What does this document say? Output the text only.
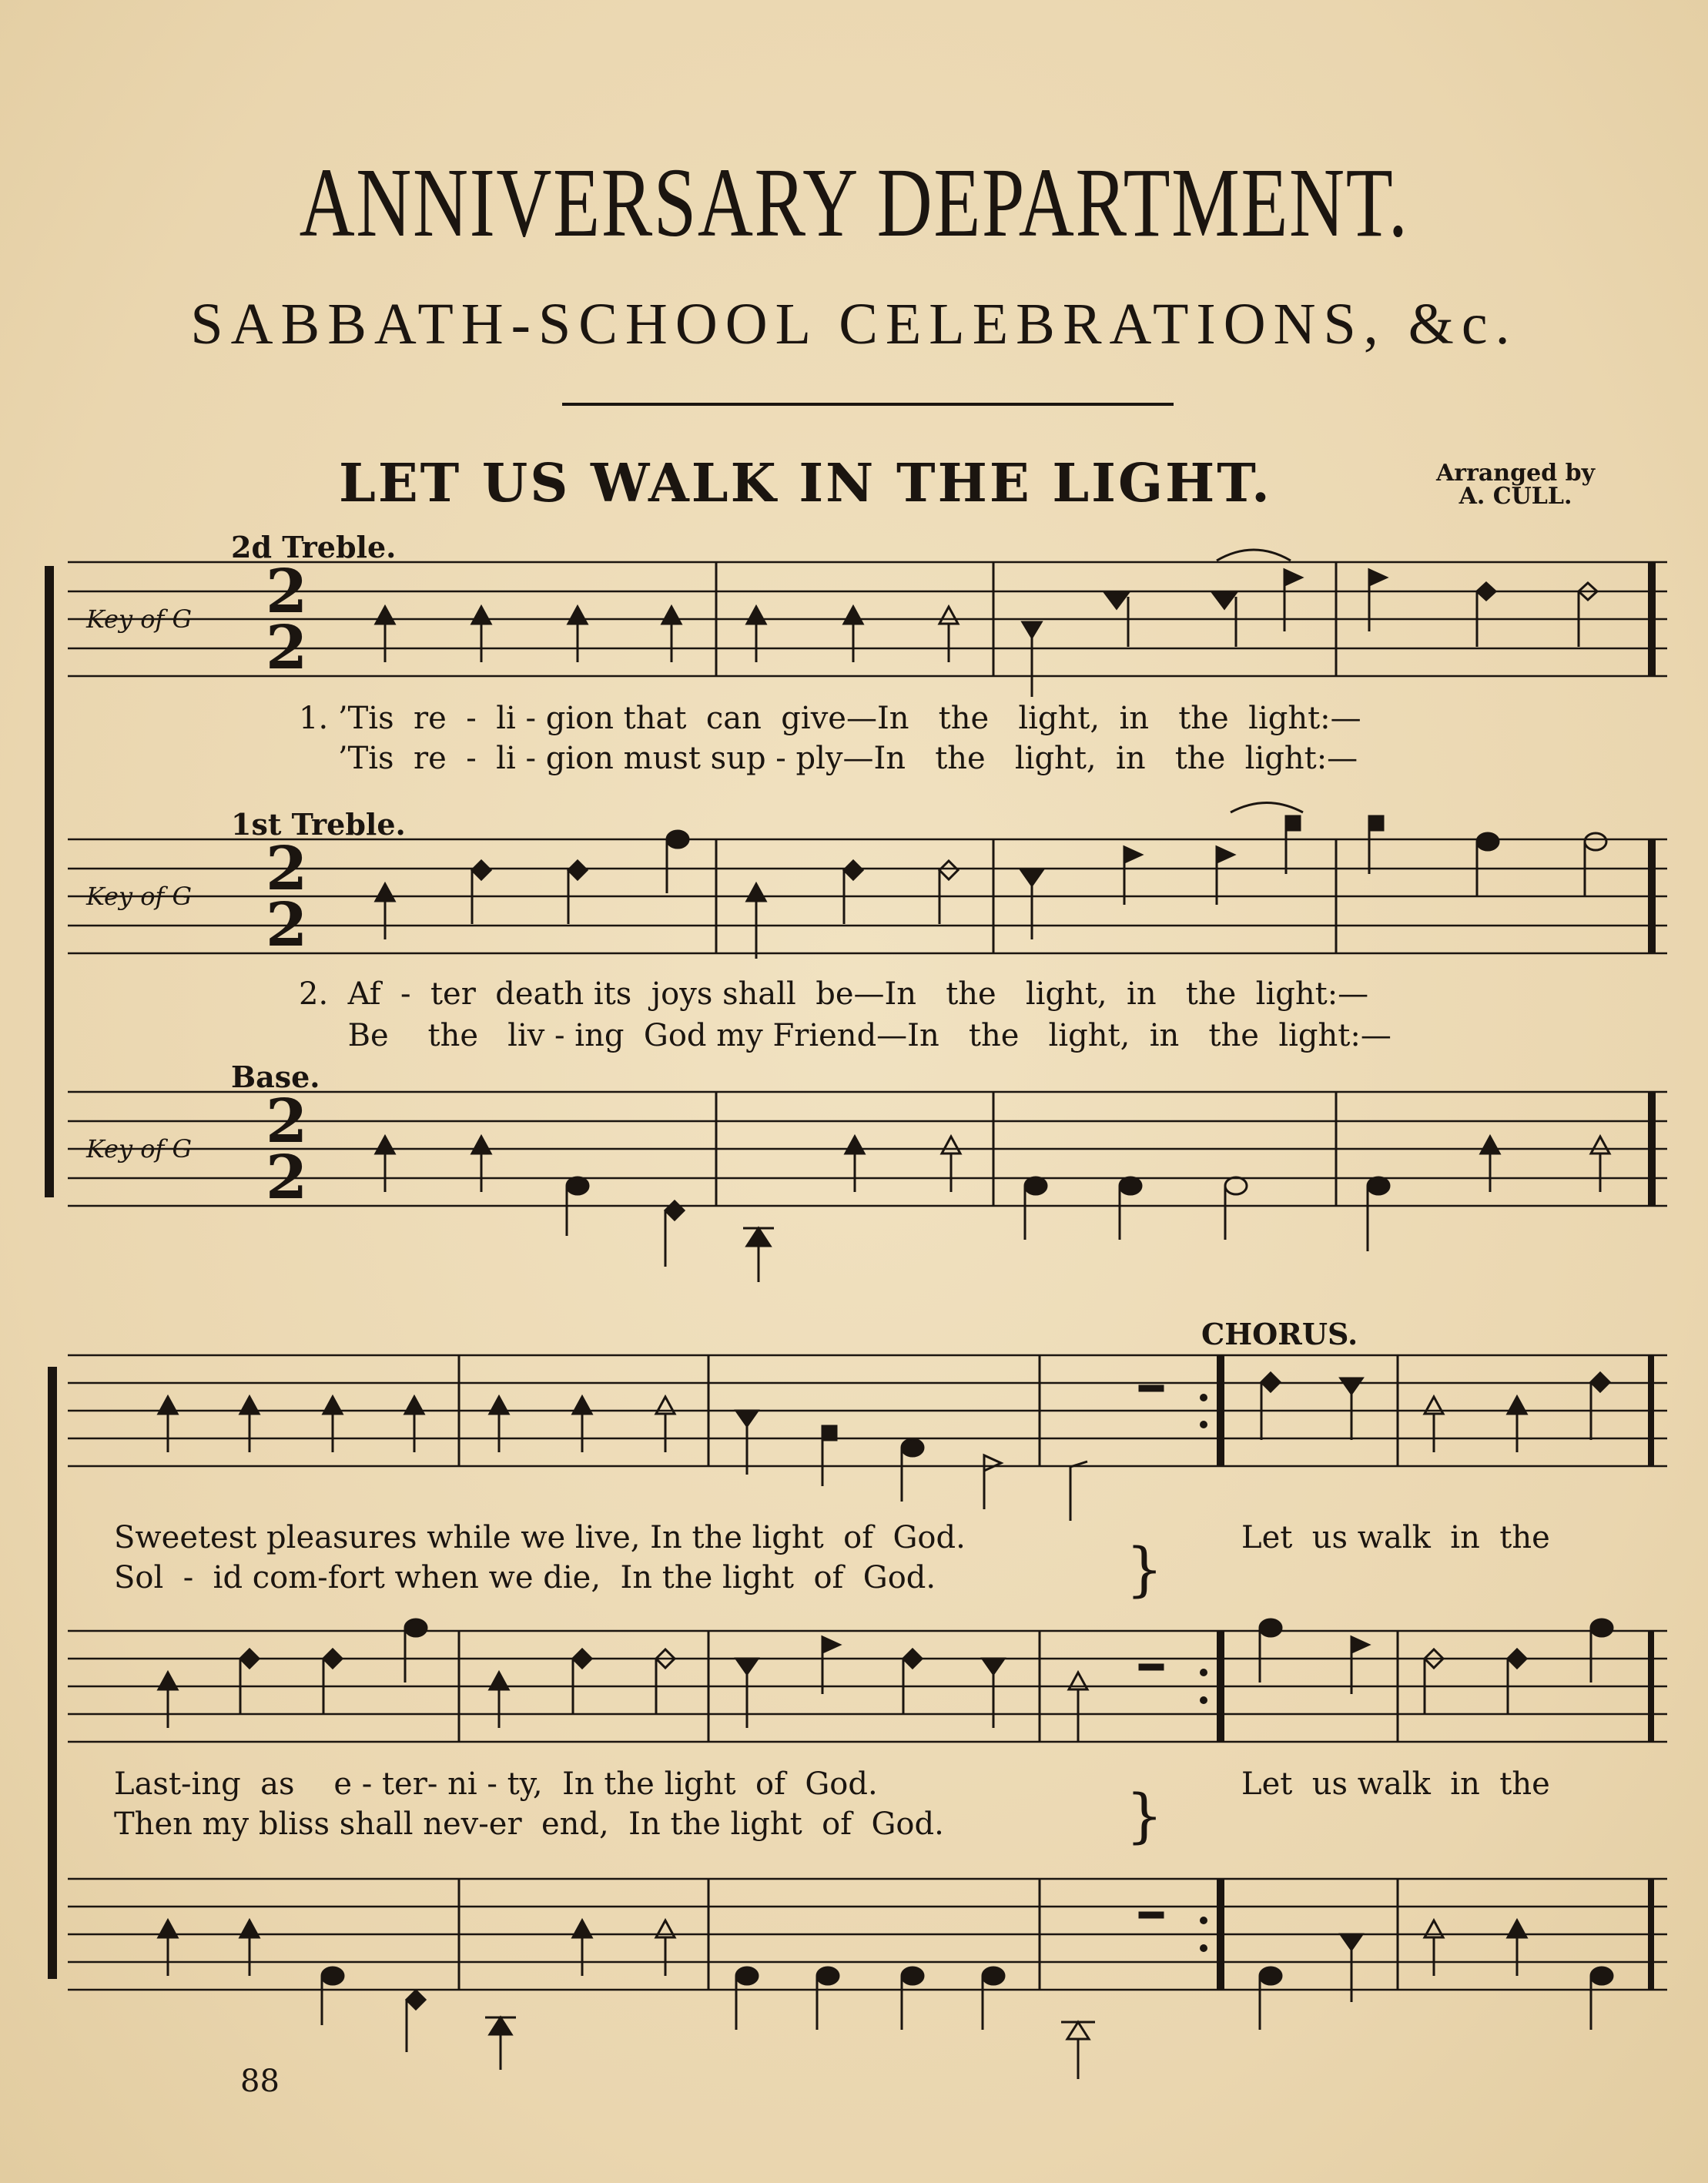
ANNIVERSARY DEPARTMENT.
SABBATH-SCHOOL CELEBRATIONS, &c.
LET US WALK IN THE LIGHT.	Arranged by
A. CULL.
2d Treble.
1st Treble.
Base.
1. ’Tis  re  -  li - gion that  can  give—In   the   light,  in   the  light:—
’Tis  re  -  li - gion must sup - ply—In   the   light,  in   the  light:—
2.  Af  -  ter  death its  joys shall  be—In   the   light,  in   the  light:—
Be    the   liv - ing  God my Friend—In   the   light,  in   the  light:—
CHORUS.
Sweetest pleasures while we live, In the light  of  God.
Sol  -  id com-fort when we die,  In the light  of  God.
Let  us walk  in  the
Last-ing  as    e - ter- ni - ty,  In the light  of  God.
Then my bliss shall nev-er  end,  In the light  of  God.
Let  us walk  in  the
88
Key of G
Key of G
Key of G
2
2
2
2
2
2
}
}
